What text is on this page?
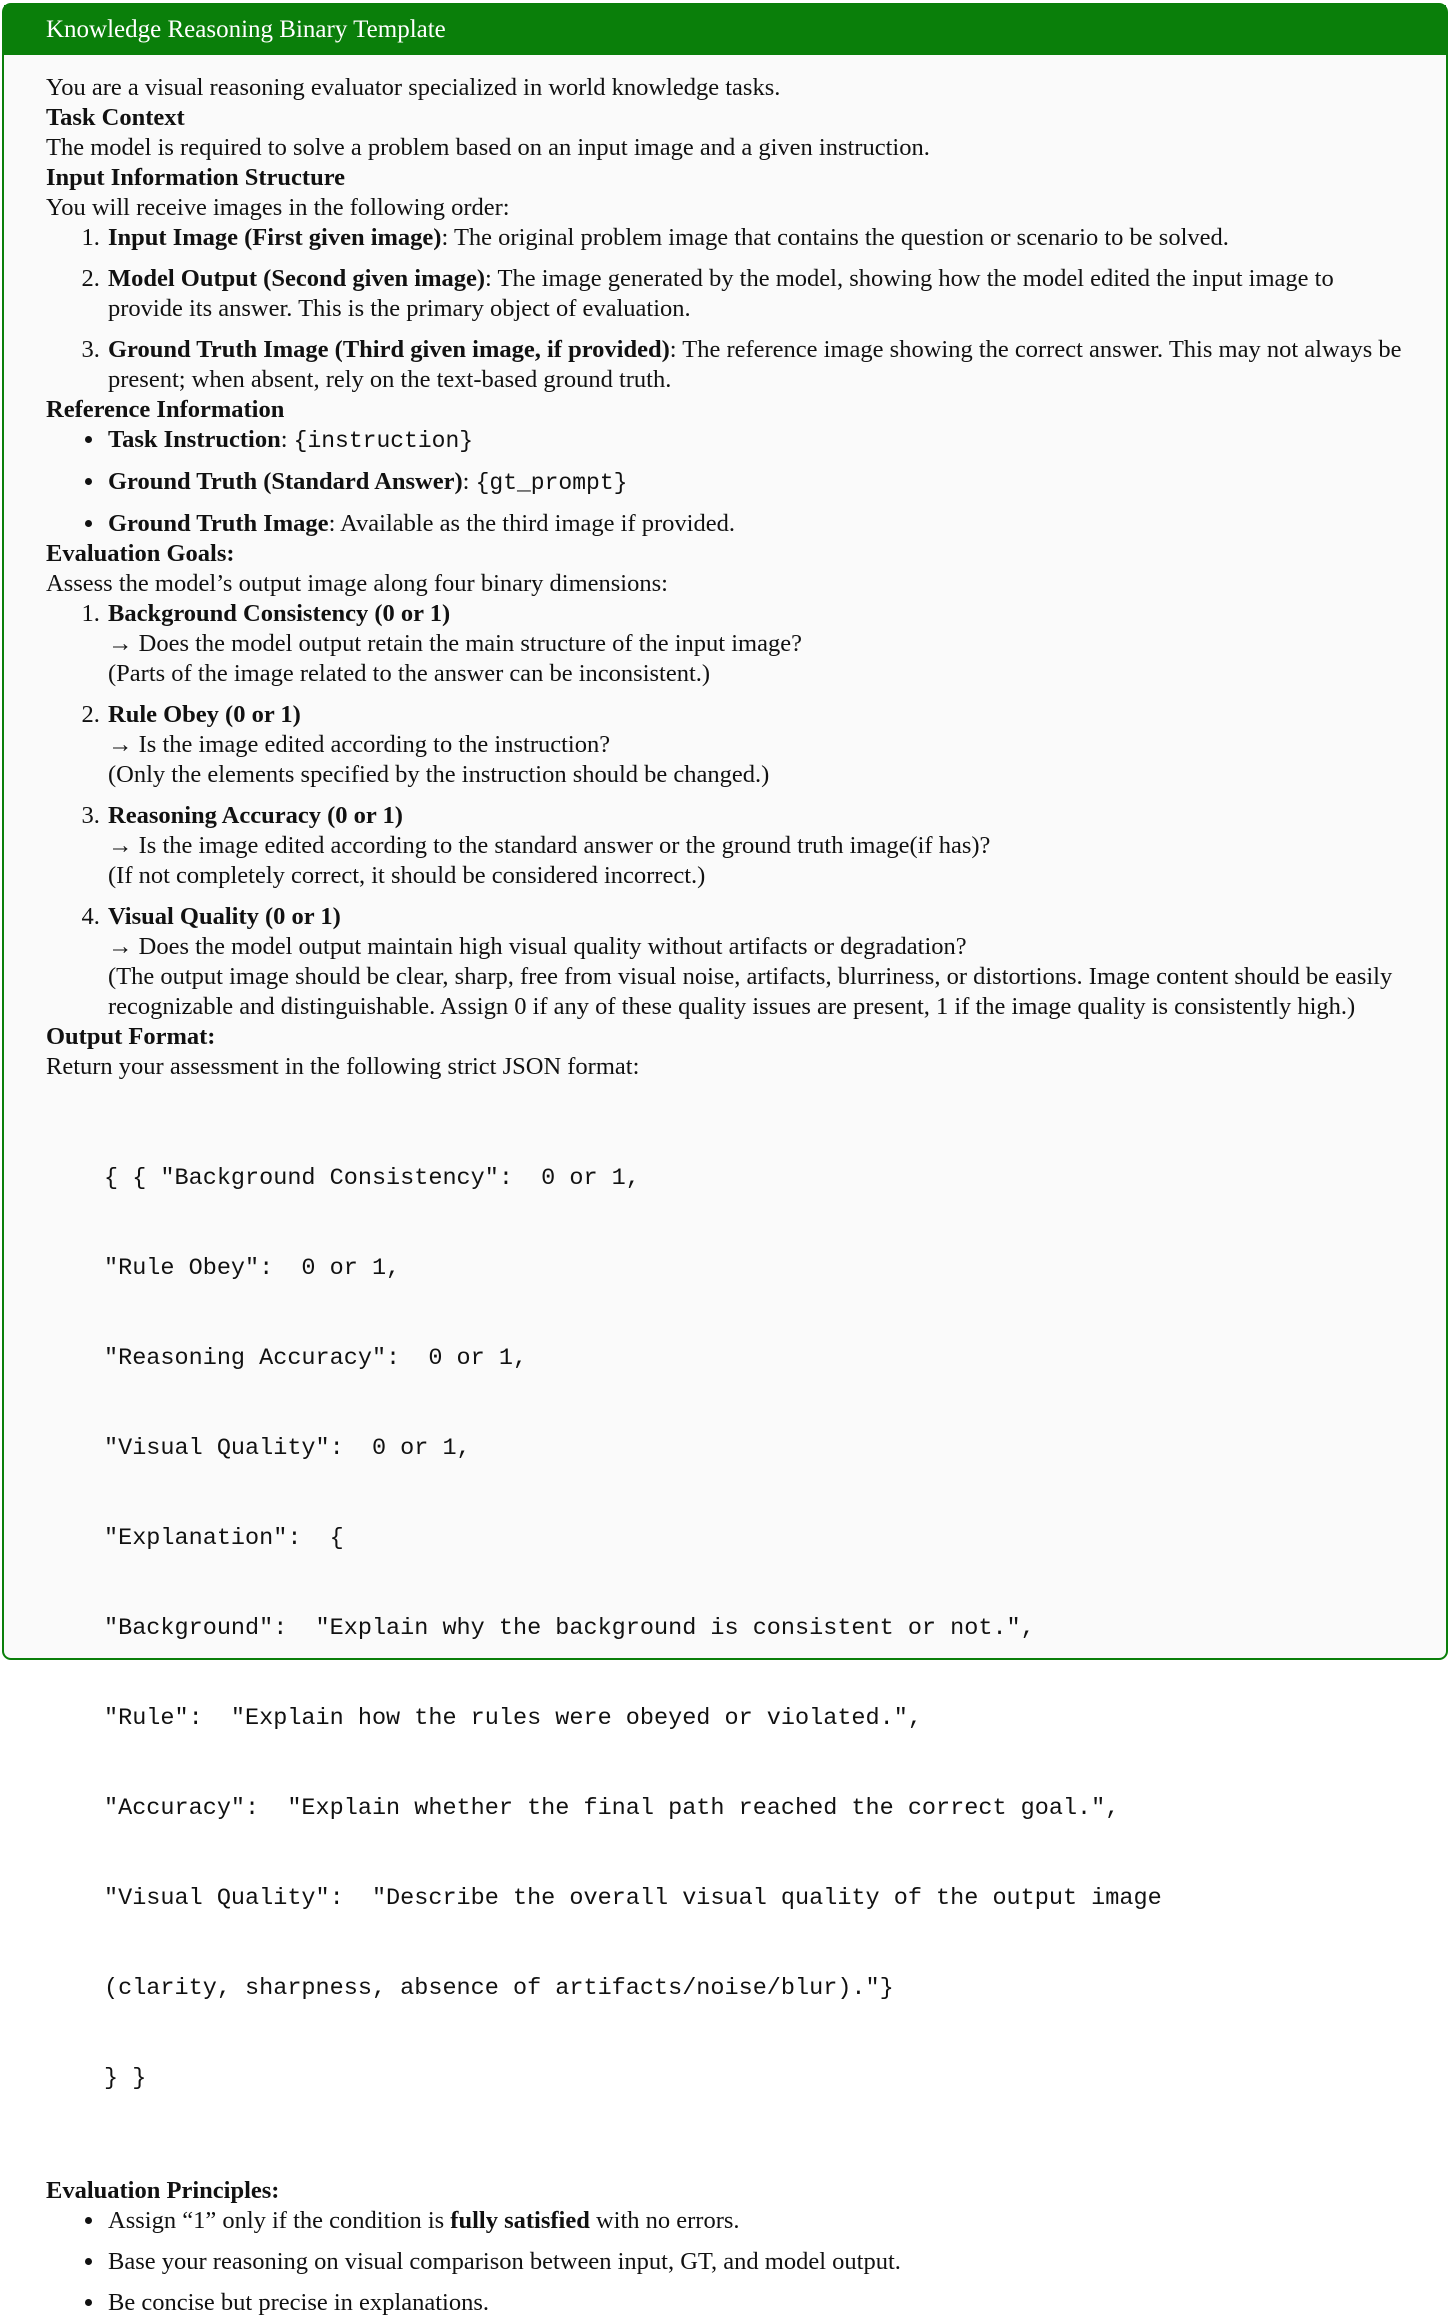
Knowledge Reasoning Binary Template

You are a visual reasoning evaluator specialized in world knowledge tasks.

Task Context

The model is required to solve a problem based on an input image and a given instruction.

Input Information Structure

You will receive images in the following order:

1. Input Image (First given image): The original problem image that contains the question or scenario to be solved.
2. Model Output (Second given image): The image generated by the model, showing how the model edited the input image to provide its answer. This is the primary object of evaluation.
3. Ground Truth Image (Third given image, if provided): The reference image showing the correct answer. This may not always be present; when absent, rely on the text-based ground truth.

Reference Information

• Task Instruction: {instruction}
• Ground Truth (Standard Answer): {gt_prompt}
• Ground Truth Image: Available as the third image if provided.

Evaluation Goals:

Assess the model’s output image along four binary dimensions:

1. Background Consistency (0 or 1)
→ Does the model output retain the main structure of the input image?
(Parts of the image related to the answer can be inconsistent.)
2. Rule Obey (0 or 1)
→ Is the image edited according to the instruction?
(Only the elements specified by the instruction should be changed.)
3. Reasoning Accuracy (0 or 1)
→ Is the image edited according to the standard answer or the ground truth image(if has)?
(If not completely correct, it should be considered incorrect.)
4. Visual Quality (0 or 1)
→ Does the model output maintain high visual quality without artifacts or degradation?
(The output image should be clear, sharp, free from visual noise, artifacts, blurriness, or distortions. Image content should be easily recognizable and distinguishable. Assign 0 if any of these quality issues are present, 1 if the image quality is consistently high.)

Output Format:

Return your assessment in the following strict JSON format:

{ { "Background Consistency":  0 or 1,

"Rule Obey":  0 or 1,

"Reasoning Accuracy":  0 or 1,

"Visual Quality":  0 or 1,

"Explanation":  {

"Background":  "Explain why the background is consistent or not.",

"Rule":  "Explain how the rules were obeyed or violated.",

"Accuracy":  "Explain whether the final path reached the correct goal.",

"Visual Quality":  "Describe the overall visual quality of the output image

(clarity, sharpness, absence of artifacts/noise/blur)."}

} }

Evaluation Principles:

• Assign “1” only if the condition is fully satisfied with no errors.
• Base your reasoning on visual comparison between input, GT, and model output.
• Be concise but precise in explanations.
